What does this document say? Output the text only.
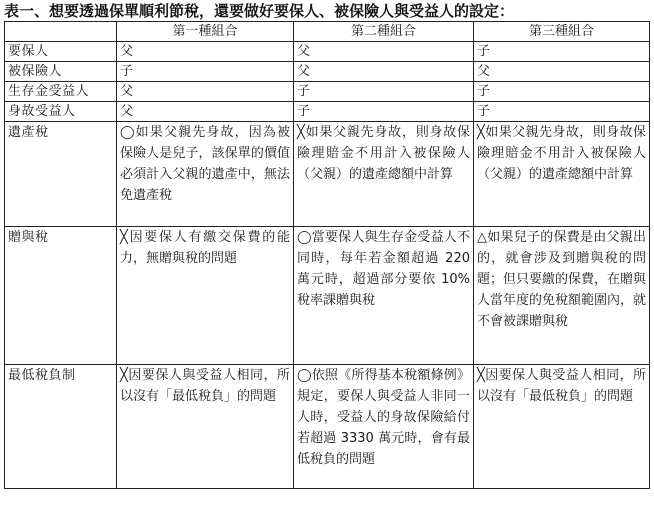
表一、想要透過保單順利節稅，還要做好要保人、被保險人與受益人的設定：
	第一種組合	第二種組合	第三種組合
要保人	父	父	子
被保險人	子	父	父
生存金受益人	父	子	子
身故受益人	父	子	子
遺產稅	◯如果父親先身故，因為被保險人是兒子，該保單的價值必須計入父親的遺產中，無法免遺產稅	╳如果父親先身故，則身故保險理賠金不用計入被保險人（父親）的遺產總額中計算	╳如果父親先身故，則身故保險理賠金不用計入被保險人（父親）的遺產總額中計算

贈與稅	╳因要保人有繳交保費的能力，無贈與稅的問題	◯當要保人與生存金受益人不同時，每年若金額超過 220 萬元時，超過部分要依 10% 稅率課贈與稅	△如果兒子的保費是由父親出的，就會涉及到贈與稅的問題；但只要繳的保費，在贈與人當年度的免稅額範圍內，就不會被課贈與稅

最低稅負制	╳因要保人與受益人相同，所以沒有「最低稅負」的問題	◯依照《所得基本稅額條例》規定，要保人與受益人非同一人時，受益人的身故保險給付若超過 3330 萬元時，會有最低稅負的問題	╳因要保人與受益人相同，所以沒有「最低稅負」的問題
